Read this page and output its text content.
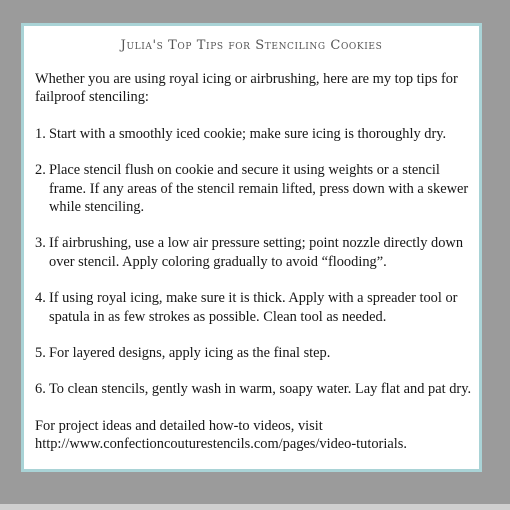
Julia's Top Tips for Stenciling Cookies

Whether you are using royal icing or airbrushing, here are my top tips for failproof stenciling:

1. Start with a smoothly iced cookie; make sure icing is thoroughly dry.
2. Place stencil flush on cookie and secure it using weights or a stencil frame. If any areas of the stencil remain lifted, press down with a skewer while stenciling.
3. If airbrushing, use a low air pressure setting; point nozzle directly down over stencil. Apply coloring gradually to avoid “flooding”.
4. If using royal icing, make sure it is thick. Apply with a spreader tool or spatula in as few strokes as possible. Clean tool as needed.
5. For layered designs, apply icing as the final step.
6. To clean stencils, gently wash in warm, soapy water. Lay flat and pat dry.

For project ideas and detailed how-to videos, visit
http://www.confectioncouturestencils.com/pages/video-tutorials.
